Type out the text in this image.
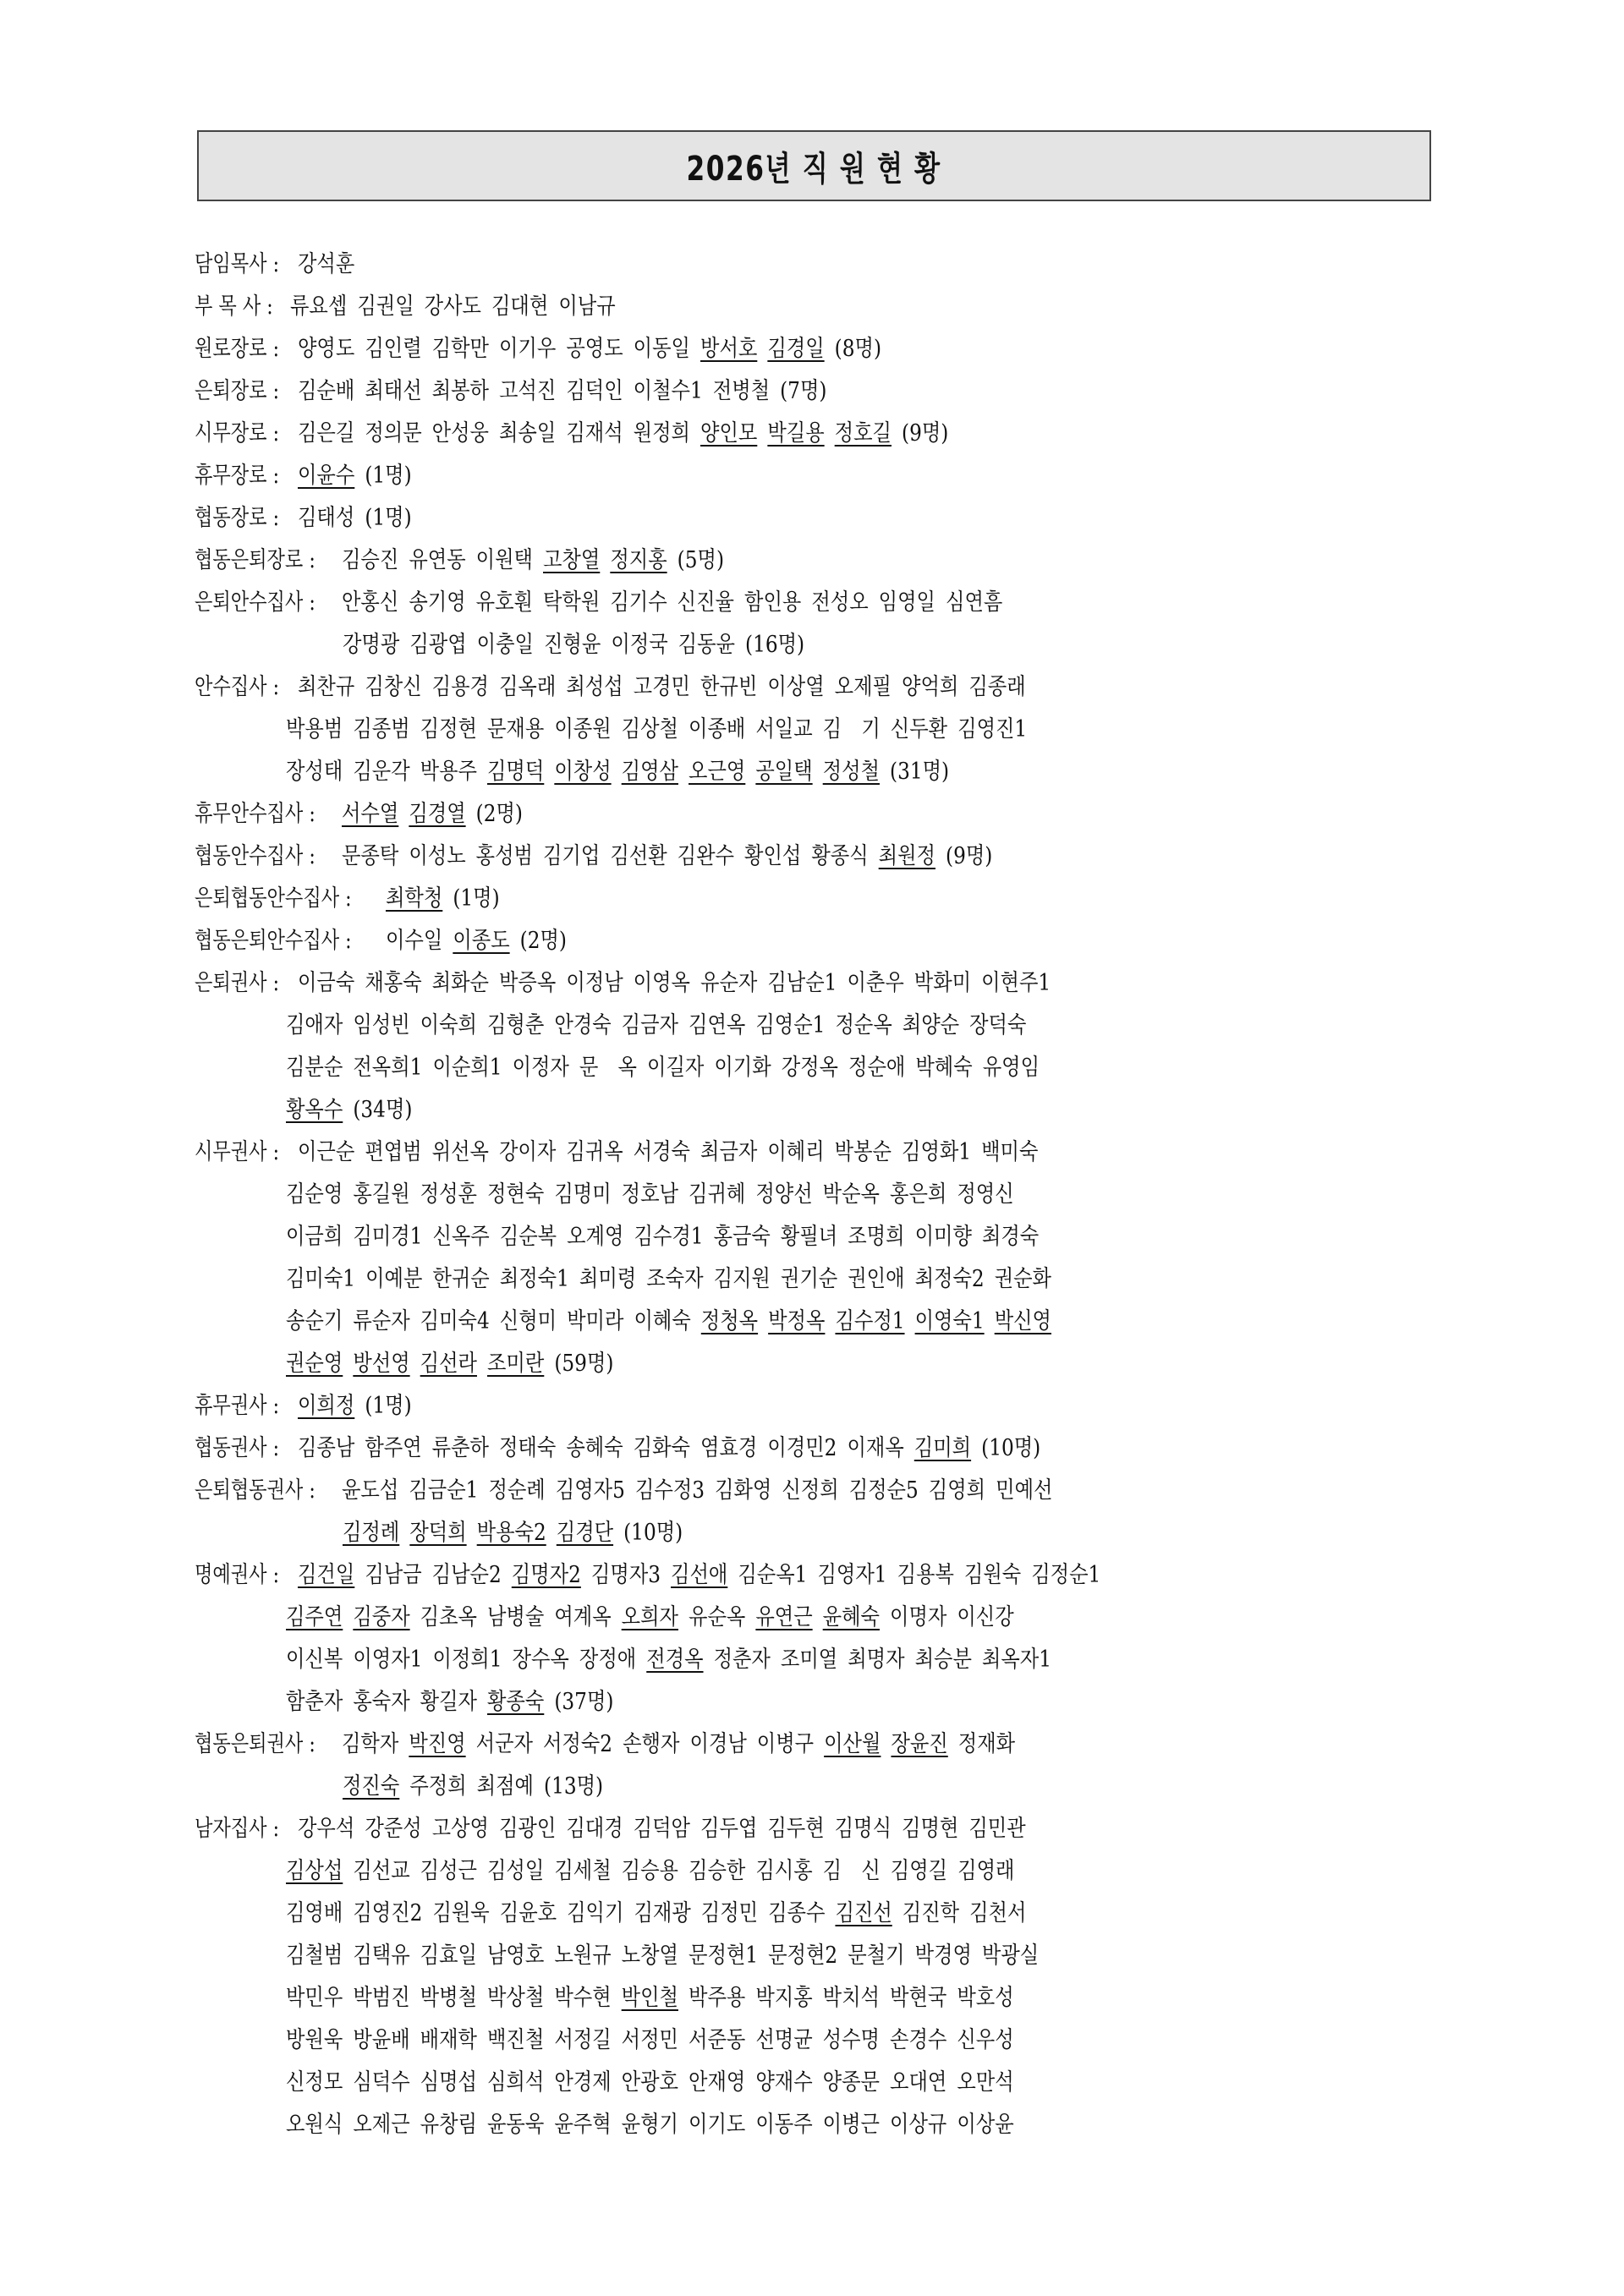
2026년 직 원 현 황
담임목사 : 강석훈
부 목 사 : 류요셉 김권일 강사도 김대현 이남규
원로장로 : 양영도 김인렬 김학만 이기우 공영도 이동일 방서호 김경일 (8명)
은퇴장로 : 김순배 최태선 최봉하 고석진 김덕인 이철수1 전병철 (7명)
시무장로 : 김은길 정의문 안성웅 최송일 김재석 원정희 양인모 박길용 정호길 (9명)
휴무장로 : 이윤수 (1명)
협동장로 : 김태성 (1명)
협동은퇴장로 : 김승진 유연동 이원택 고창열 정지홍 (5명)
은퇴안수집사 : 안홍신 송기영 유호훤 탁학원 김기수 신진율 함인용 전성오 임영일 심연흠
강명광 김광엽 이충일 진형윤 이정국 김동윤 (16명)
안수집사 : 최찬규 김창신 김용경 김옥래 최성섭 고경민 한규빈 이상열 오제필 양억희 김종래
박용범 김종범 김정현 문재용 이종원 김상철 이종배 서일교 김　기 신두환 김영진1
장성태 김운각 박용주 김명덕 이창성 김영삼 오근영 공일택 정성철 (31명)
휴무안수집사 : 서수열 김경열 (2명)
협동안수집사 : 문종탁 이성노 홍성범 김기업 김선환 김완수 황인섭 황종식 최원정 (9명)
은퇴협동안수집사 : 최학청 (1명)
협동은퇴안수집사 : 이수일 이종도 (2명)
은퇴권사 : 이금숙 채홍숙 최화순 박증옥 이정남 이영옥 유순자 김남순1 이춘우 박화미 이현주1
김애자 임성빈 이숙희 김형춘 안경숙 김금자 김연옥 김영순1 정순옥 최양순 장덕숙
김분순 전옥희1 이순희1 이정자 문　옥 이길자 이기화 강정옥 정순애 박혜숙 유영임
황옥수 (34명)
시무권사 : 이근순 편엽범 위선옥 강이자 김귀옥 서경숙 최금자 이혜리 박봉순 김영화1 백미숙
김순영 홍길원 정성훈 정현숙 김명미 정호남 김귀혜 정양선 박순옥 홍은희 정영신
이금희 김미경1 신옥주 김순복 오계영 김수경1 홍금숙 황필녀 조명희 이미향 최경숙
김미숙1 이예분 한귀순 최정숙1 최미령 조숙자 김지원 권기순 권인애 최정숙2 권순화
송순기 류순자 김미숙4 신형미 박미라 이혜숙 정청옥 박정옥 김수정1 이영숙1 박신영
권순영 방선영 김선라 조미란 (59명)
휴무권사 : 이희정 (1명)
협동권사 : 김종남 함주연 류춘하 정태숙 송혜숙 김화숙 염효경 이경민2 이재옥 김미희 (10명)
은퇴협동권사 : 윤도섭 김금순1 정순례 김영자5 김수정3 김화영 신정희 김정순5 김영희 민예선
김정례 장덕희 박용숙2 김경단 (10명)
명예권사 : 김건일 김남금 김남순2 김명자2 김명자3 김선애 김순옥1 김영자1 김용복 김원숙 김정순1
김주연 김중자 김초옥 남병술 여계옥 오희자 유순옥 유연근 윤혜숙 이명자 이신강
이신복 이영자1 이정희1 장수옥 장정애 전경옥 정춘자 조미열 최명자 최승분 최옥자1
함춘자 홍숙자 황길자 황종숙 (37명)
협동은퇴권사 : 김학자 박진영 서군자 서정숙2 손행자 이경남 이병구 이산월 장윤진 정재화
정진숙 주정희 최점예 (13명)
남자집사 : 강우석 강준성 고상영 김광인 김대경 김덕암 김두엽 김두현 김명식 김명현 김민관
김상섭 김선교 김성근 김성일 김세철 김승용 김승한 김시홍 김　신 김영길 김영래
김영배 김영진2 김원욱 김윤호 김익기 김재광 김정민 김종수 김진선 김진학 김천서
김철범 김택유 김효일 남영호 노원규 노창열 문정현1 문정현2 문철기 박경영 박광실
박민우 박범진 박병철 박상철 박수현 박인철 박주용 박지홍 박치석 박현국 박호성
방원욱 방윤배 배재학 백진철 서정길 서정민 서준동 선명균 성수명 손경수 신우성
신정모 심덕수 심명섭 심희석 안경제 안광호 안재영 양재수 양종문 오대연 오만석
오원식 오제근 유창림 윤동욱 윤주혁 윤형기 이기도 이동주 이병근 이상규 이상윤
